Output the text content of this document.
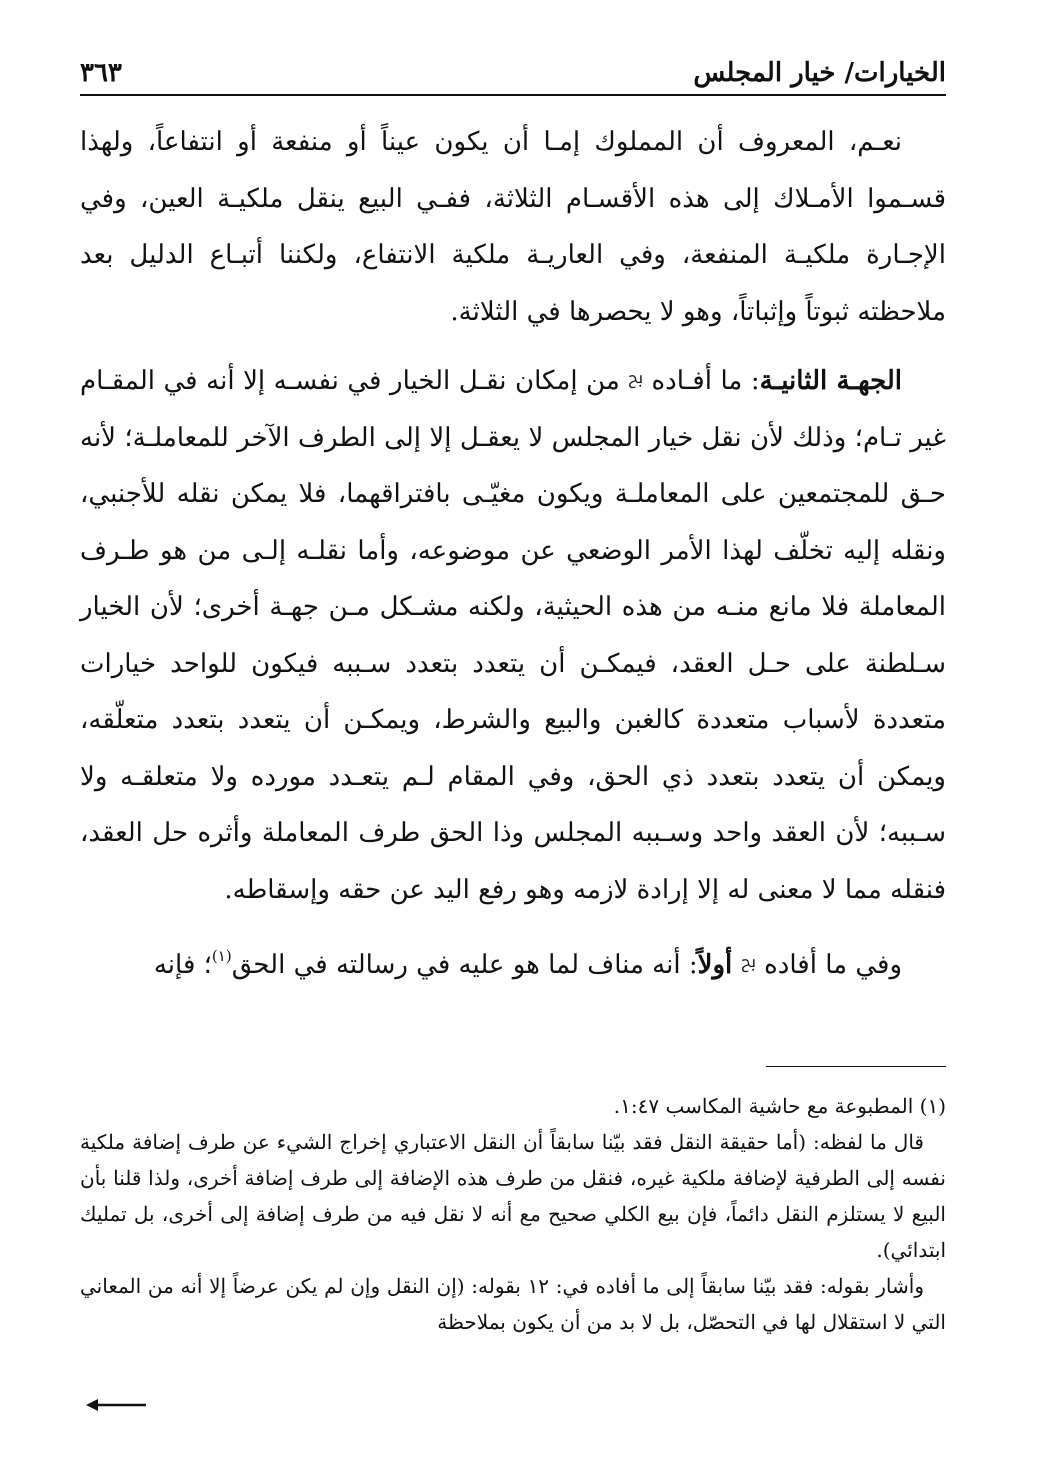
الخيارات/ خيار المجلس
٣٦٣

نعـم، المعروف أن المملوك إمـا أن يكون عيناً أو منفعة أو انتفاعاً، ولهذا قسـموا الأمـلاك إلى هذه الأقسـام الثلاثة، ففـي البيع ينقل ملكيـة العين، وفي الإجـارة ملكيـة المنفعة، وفي العاريـة ملكية الانتفاع، ولكننا أتبـاع الدليل بعد ملاحظته ثبوتاً وإثباتاً، وهو لا يحصرها في الثلاثة.

الجهـة الثانيـة: ما أفـاده $^ﰆ$ من إمكان نقـل الخيار في نفسـه إلا أنه في المقـام غير تـام؛ وذلك لأن نقل خيار المجلس لا يعقـل إلا إلى الطرف الآخر للمعاملـة؛ لأنه حـق للمجتمعين على المعاملـة ويكون مغيّـى بافتراقهما، فلا يمكن نقله للأجنبي، ونقله إليه تخلّف لهذا الأمر الوضعي عن موضوعه، وأما نقلـه إلـى من هو طـرف المعاملة فلا مانع منـه من هذه الحيثية، ولكنه مشـكل مـن جهـة أخرى؛ لأن الخيار سـلطنة على حـل العقد، فيمكـن أن يتعدد بتعدد سـببه فيكون للواحد خيارات متعددة لأسباب متعددة كالغبن والبيع والشرط، ويمكـن أن يتعدد بتعدد متعلّقه، ويمكن أن يتعدد بتعدد ذي الحق، وفي المقام لـم يتعـدد مورده ولا متعلقـه ولا سـببه؛ لأن العقد واحد وسـببه المجلس وذا الحق طرف المعاملة وأثره حل العقد، فنقله مما لا معنى له إلا إرادة لازمه وهو رفع اليد عن حقه وإسقاطه.

وفي ما أفاده $^ﰆ$ أولاً: أنه مناف لما هو عليه في رسالته في الحق$^{(١)}$؛ فإنه

(١) المطبوعة مع حاشية المكاسب ١:٤٧.

قال ما لفظه: (أما حقيقة النقل فقد بيّنا سابقاً أن النقل الاعتباري إخراج الشيء عن طرف إضافة ملكية نفسه إلى الطرفية لإضافة ملكية غيره، فنقل من طرف هذه الإضافة إلى طرف إضافة أخرى، ولذا قلنا بأن البيع لا يستلزم النقل دائماً، فإن بيع الكلي صحيح مع أنه لا نقل فيه من طرف إضافة إلى أخرى، بل تمليك ابتدائي).

وأشار بقوله: فقد بيّنا سابقاً إلى ما أفاده في: ١٢ بقوله: (إن النقل وإن لم يكن عرضاً إلا أنه من المعاني التي لا استقلال لها في التحصّل، بل لا بد من أن يكون بملاحظة
